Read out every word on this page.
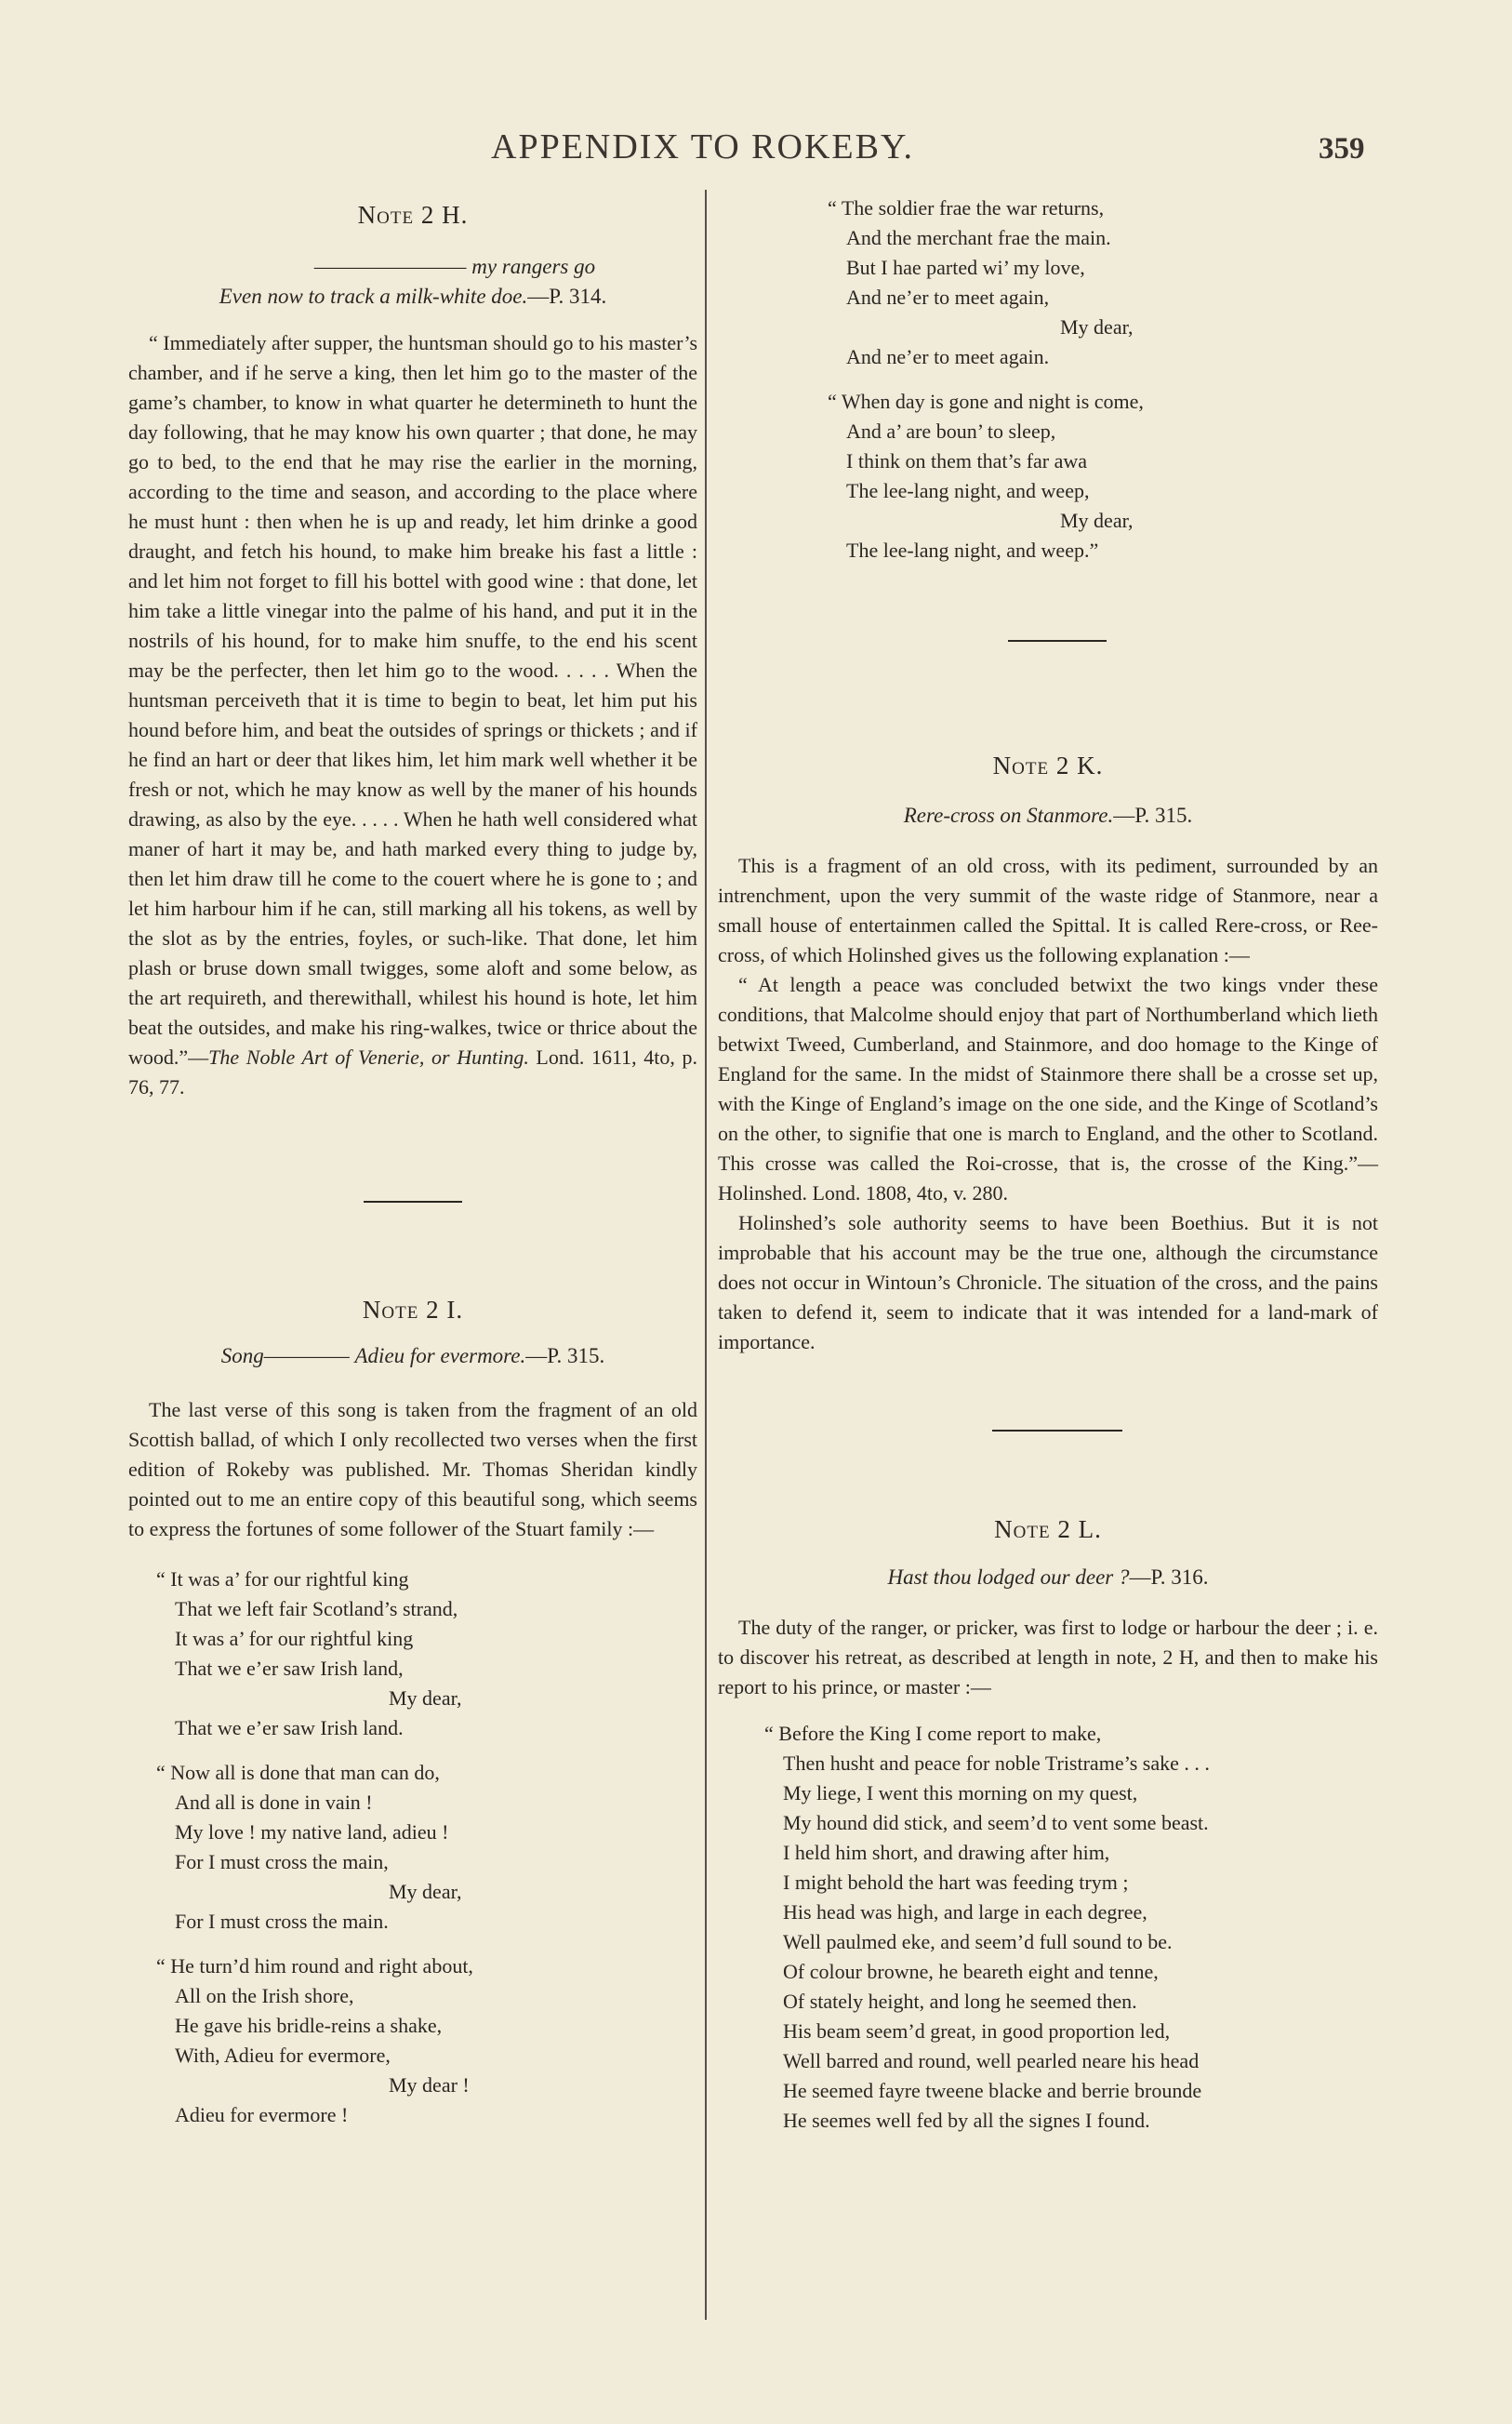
APPENDIX TO ROKEBY.	359

Note 2 H.

———————— my rangers go

Even now to track a milk-white doe.—P. 314.

“ Immediately after supper, the huntsman should go to his master’s chamber, and if he serve a king, then let him go to the master of the game’s chamber, to know in what quarter he determineth to hunt the day following, that he may know his own quarter ; that done, he may go to bed, to the end that he may rise the earlier in the morning, according to the time and season, and according to the place where he must hunt : then when he is up and ready, let him drinke a good draught, and fetch his hound, to make him breake his fast a little : and let him not forget to fill his bottel with good wine : that done, let him take a little vinegar into the palme of his hand, and put it in the nostrils of his hound, for to make him snuffe, to the end his scent may be the perfecter, then let him go to the wood. . . . . When the huntsman perceiveth that it is time to begin to beat, let him put his hound before him, and beat the outsides of springs or thickets ; and if he find an hart or deer that likes him, let him mark well whether it be fresh or not, which he may know as well by the maner of his hounds drawing, as also by the eye. . . . . When he hath well considered what maner of hart it may be, and hath marked every thing to judge by, then let him draw till he come to the couert where he is gone to ; and let him harbour him if he can, still marking all his tokens, as well by the slot as by the entries, foyles, or such-like. That done, let him plash or bruse down small twigges, some aloft and some below, as the art requireth, and therewithall, whilest his hound is hote, let him beat the outsides, and make his ring-walkes, twice or thrice about the wood.”—The Noble Art of Venerie, or Hunting. Lond. 1611, 4to, p. 76, 77.

Note 2 I.

Song———— Adieu for evermore.—P. 315.

The last verse of this song is taken from the fragment of an old Scottish ballad, of which I only recollected two verses when the first edition of Rokeby was published. Mr. Thomas Sheridan kindly pointed out to me an entire copy of this beautiful song, which seems to express the fortunes of some follower of the Stuart family :—

“ It was a’ for our rightful king
That we left fair Scotland’s strand,
It was a’ for our rightful king
That we e’er saw Irish land,
My dear,
That we e’er saw Irish land.
“ Now all is done that man can do,
And all is done in vain !
My love ! my native land, adieu !
For I must cross the main,
My dear,
For I must cross the main.
“ He turn’d him round and right about,
All on the Irish shore,
He gave his bridle-reins a shake,
With, Adieu for evermore,
My dear !
Adieu for evermore !
“ The soldier frae the war returns,
And the merchant frae the main.
But I hae parted wi’ my love,
And ne’er to meet again,
My dear,
And ne’er to meet again.
“ When day is gone and night is come,
And a’ are boun’ to sleep,
I think on them that’s far awa
The lee-lang night, and weep,
My dear,
The lee-lang night, and weep.”

Note 2 K.

Rere-cross on Stanmore.—P. 315.

This is a fragment of an old cross, with its pediment, surrounded by an intrenchment, upon the very summit of the waste ridge of Stanmore, near a small house of entertainmen called the Spittal. It is called Rere-cross, or Ree-cross, of which Holinshed gives us the following explanation :—

“ At length a peace was concluded betwixt the two kings vnder these conditions, that Malcolme should enjoy that part of Northumberland which lieth betwixt Tweed, Cumberland, and Stainmore, and doo homage to the Kinge of England for the same. In the midst of Stainmore there shall be a crosse set up, with the Kinge of England’s image on the one side, and the Kinge of Scotland’s on the other, to signifie that one is march to England, and the other to Scotland. This crosse was called the Roi-crosse, that is, the crosse of the King.”—Holinshed. Lond. 1808, 4to, v. 280.

Holinshed’s sole authority seems to have been Boethius. But it is not improbable that his account may be the true one, although the circumstance does not occur in Wintoun’s Chronicle. The situation of the cross, and the pains taken to defend it, seem to indicate that it was intended for a land-mark of importance.

Note 2 L.

Hast thou lodged our deer ?—P. 316.

The duty of the ranger, or pricker, was first to lodge or harbour the deer ; i. e. to discover his retreat, as described at length in note, 2 H, and then to make his report to his prince, or master :—

“ Before the King I come report to make,
Then husht and peace for noble Tristrame’s sake . . .
My liege, I went this morning on my quest,
My hound did stick, and seem’d to vent some beast.
I held him short, and drawing after him,
I might behold the hart was feeding trym ;
His head was high, and large in each degree,
Well paulmed eke, and seem’d full sound to be.
Of colour browne, he beareth eight and tenne,
Of stately height, and long he seemed then.
His beam seem’d great, in good proportion led,
Well barred and round, well pearled neare his head
He seemed fayre tweene blacke and berrie brounde
He seemes well fed by all the signes I found.
